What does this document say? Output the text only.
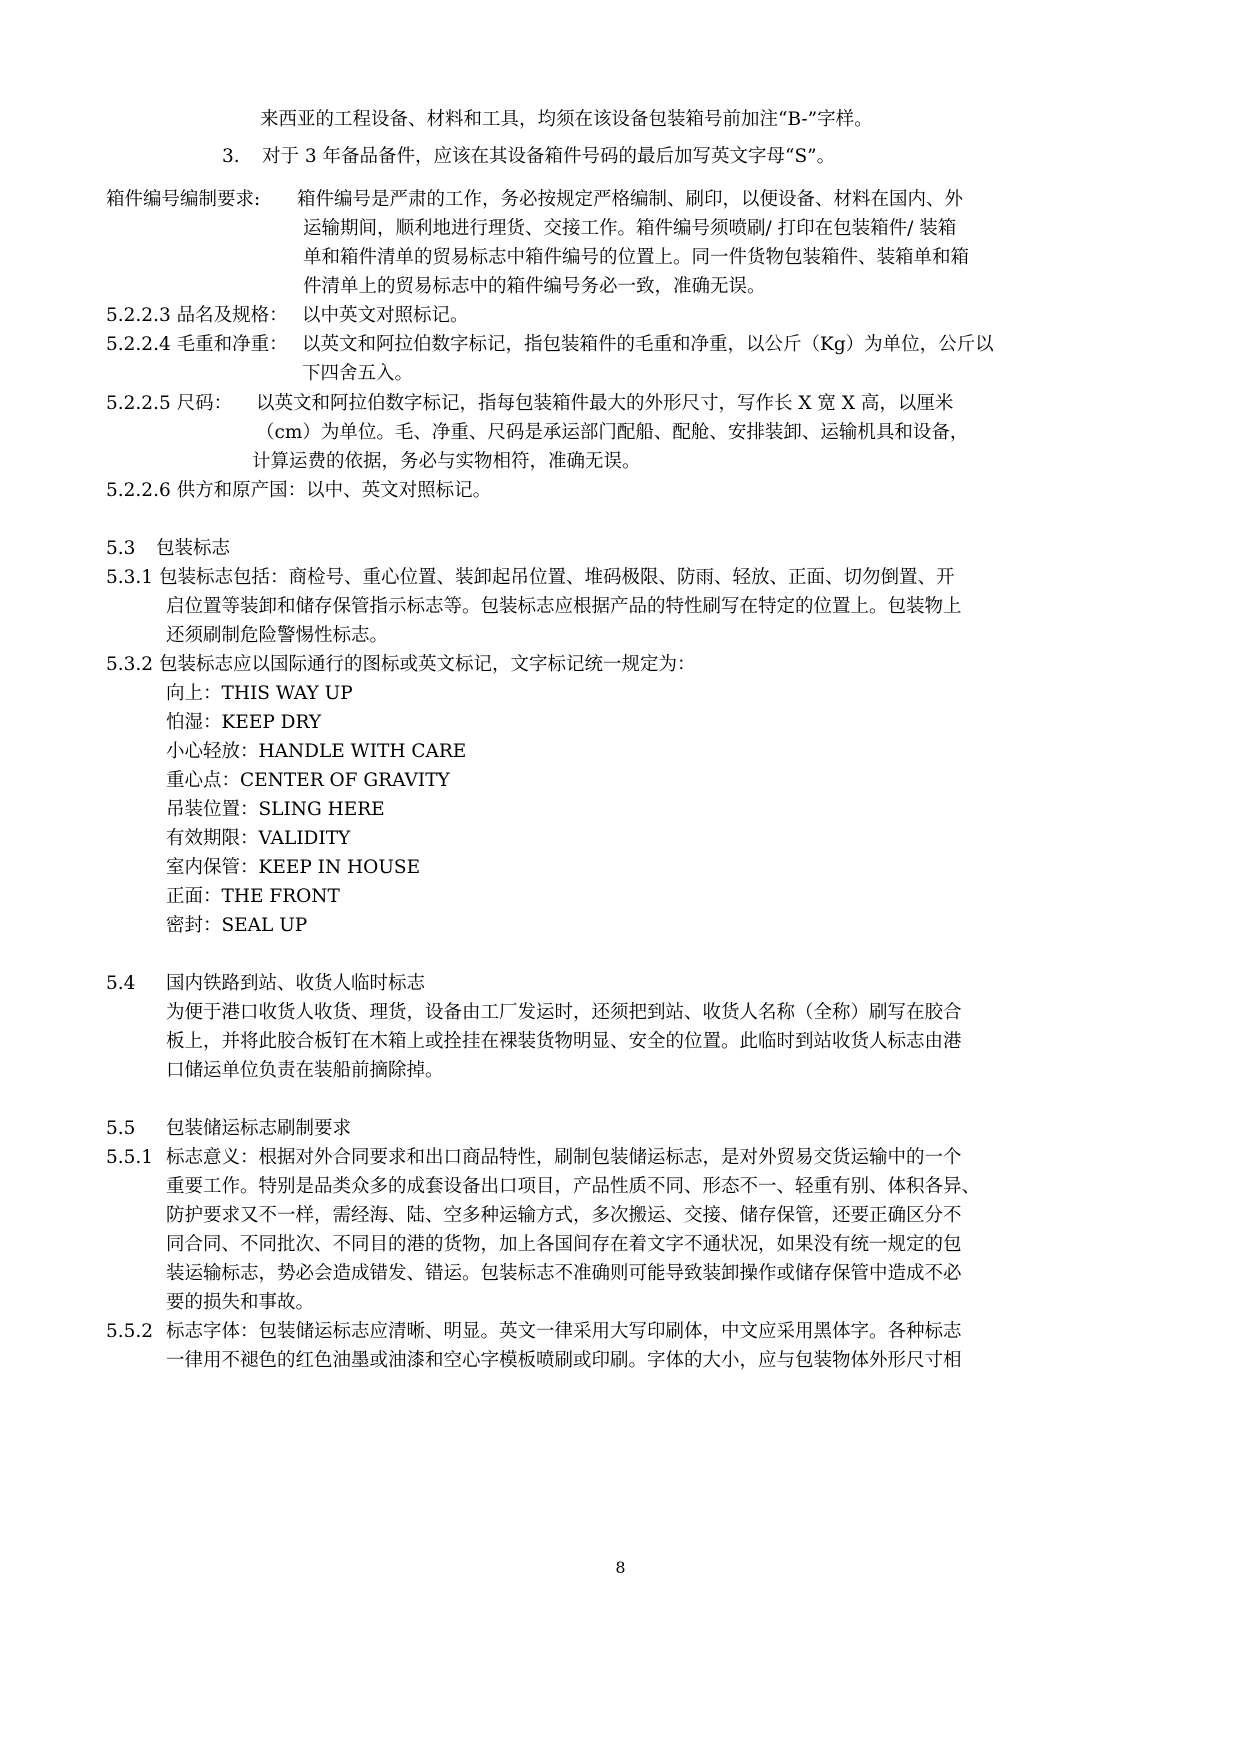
来西亚的工程设备、材料和工具，均须在该设备包装箱号前加注“B-”字样。
3. 对于 3 年备品备件，应该在其设备箱件号码的最后加写英文字母“S”。
箱件编号编制要求: 箱件编号是严肃的工作，务必按规定严格编制、刷印，以便设备、材料在国内、外
运输期间，顺利地进行理货、交接工作。箱件编号须喷刷/ 打印在包装箱件/ 装箱
单和箱件清单的贸易标志中箱件编号的位置上。同一件货物包装箱件、装箱单和箱
件清单上的贸易标志中的箱件编号务必一致，准确无误。
5.2.2.3 品名及规格： 以中英文对照标记。
5.2.2.4 毛重和净重： 以英文和阿拉伯数字标记，指包装箱件的毛重和净重，以公斤（Kg）为单位，公斤以
下四舍五入。
5.2.2.5 尺码： 以英文和阿拉伯数字标记，指每包装箱件最大的外形尺寸，写作长 X 宽 X 高，以厘米
（cm）为单位。毛、净重、尺码是承运部门配船、配舱、安排装卸、运输机具和设备，
计算运费的依据，务必与实物相符，准确无误。
5.2.2.6 供方和原产国：以中、英文对照标记。
5.3 包装标志
5.3.1 包装标志包括：商检号、重心位置、装卸起吊位置、堆码极限、防雨、轻放、正面、切勿倒置、开
启位置等装卸和储存保管指示标志等。包装标志应根据产品的特性刷写在特定的位置上。包装物上
还须刷制危险警惕性标志。
5.3.2 包装标志应以国际通行的图标或英文标记，文字标记统一规定为：
向上：THIS WAY UP
怕湿：KEEP DRY
小心轻放：HANDLE WITH CARE
重心点：CENTER OF GRAVITY
吊装位置：SLING HERE
有效期限：VALIDITY
室内保管：KEEP IN HOUSE
正面：THE FRONT
密封：SEAL UP
5.4 国内铁路到站、收货人临时标志
为便于港口收货人收货、理货，设备由工厂发运时，还须把到站、收货人名称（全称）刷写在胶合
板上，并将此胶合板钉在木箱上或拴挂在裸装货物明显、安全的位置。此临时到站收货人标志由港
口储运单位负责在装船前摘除掉。
5.5 包装储运标志刷制要求
5.5.1 标志意义：根据对外合同要求和出口商品特性，刷制包装储运标志，是对外贸易交货运输中的一个
重要工作。特别是品类众多的成套设备出口项目，产品性质不同、形态不一、轻重有别、体积各异、
防护要求又不一样，需经海、陆、空多种运输方式，多次搬运、交接、储存保管，还要正确区分不
同合同、不同批次、不同目的港的货物，加上各国间存在着文字不通状况，如果没有统一规定的包
装运输标志，势必会造成错发、错运。包装标志不准确则可能导致装卸操作或储存保管中造成不必
要的损失和事故。
5.5.2 标志字体：包装储运标志应清晰、明显。英文一律采用大写印刷体，中文应采用黑体字。各种标志
一律用不褪色的红色油墨或油漆和空心字模板喷刷或印刷。字体的大小，应与包装物体外形尺寸相
8
